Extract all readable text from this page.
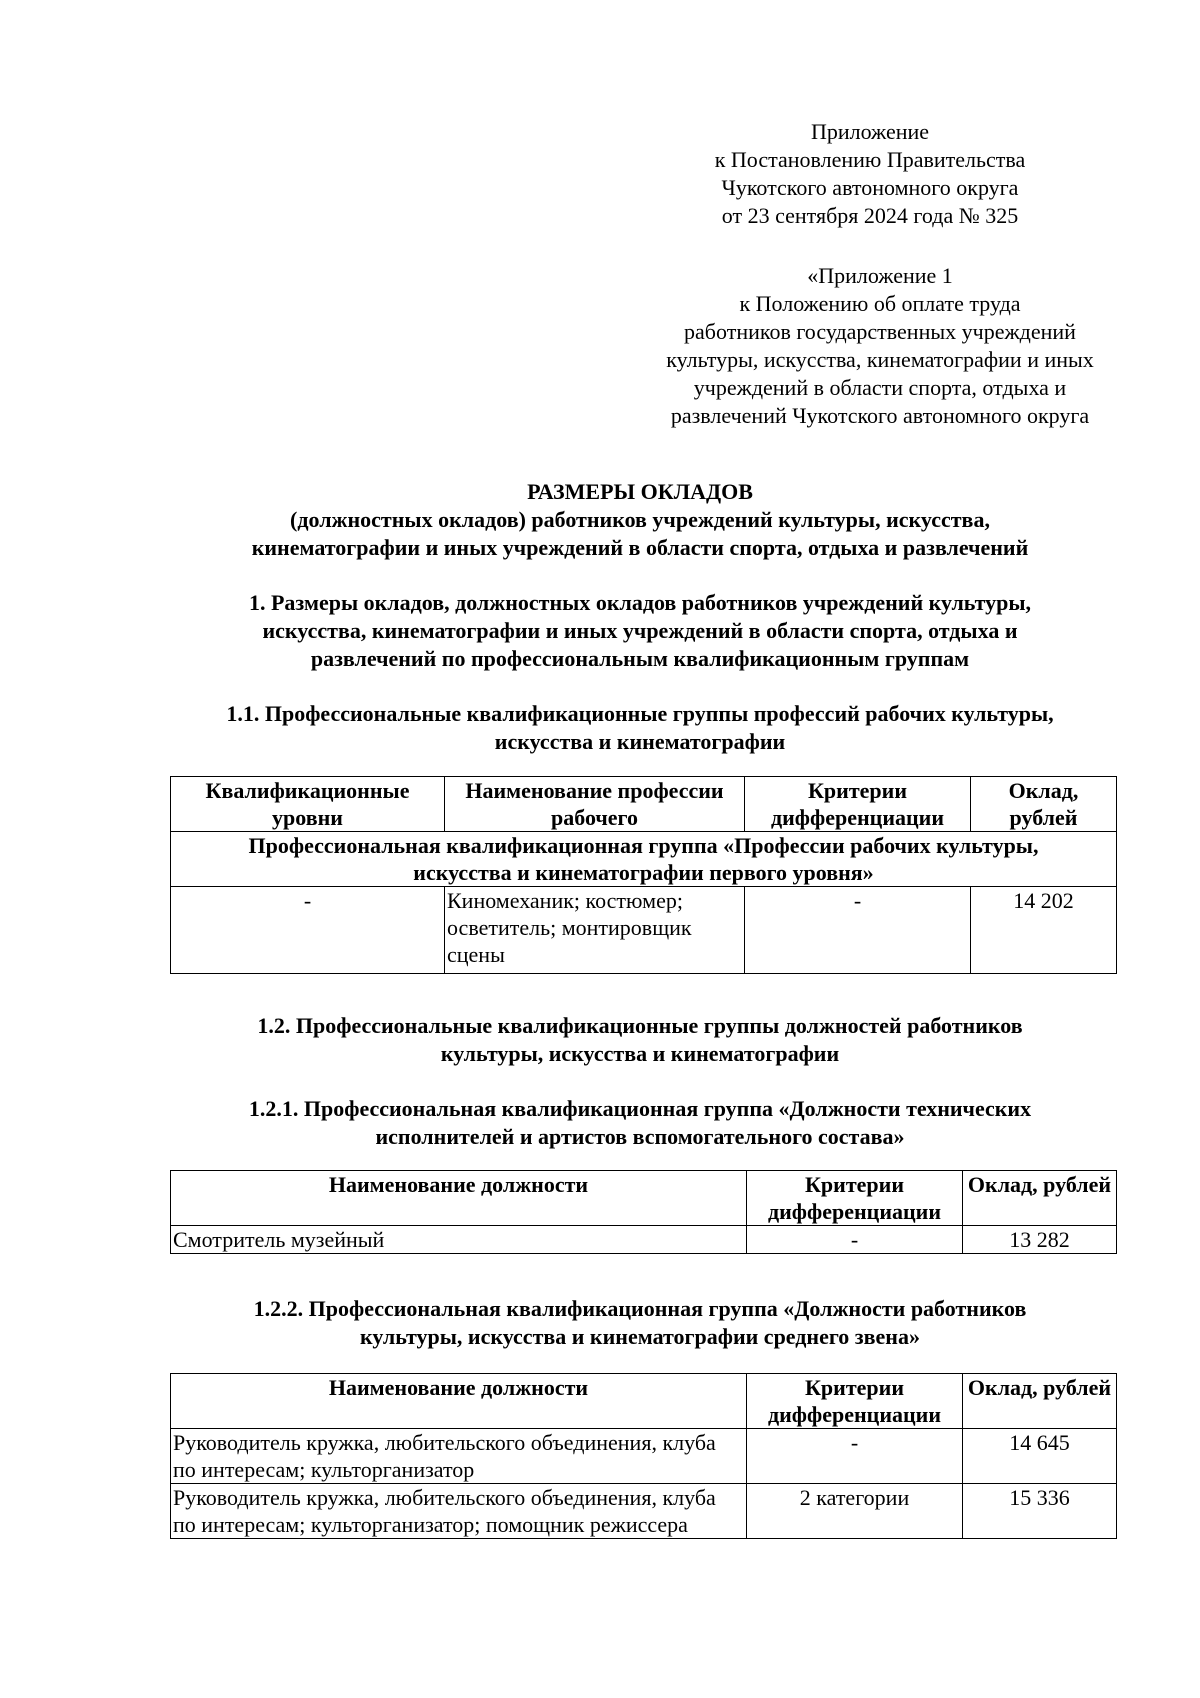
Приложение
к Постановлению Правительства
Чукотского автономного округа
от 23 сентября 2024 года № 325
«Приложение 1
к Положению об оплате труда
работников государственных учреждений
культуры, искусства, кинематографии и иных
учреждений в области спорта, отдыха и
развлечений Чукотского автономного округа
РАЗМЕРЫ ОКЛАДОВ
(должностных окладов) работников учреждений культуры, искусства,
кинематографии и иных учреждений в области спорта, отдыха и развлечений
1. Размеры окладов, должностных окладов работников учреждений культуры,
искусства, кинематографии и иных учреждений в области спорта, отдыха и
развлечений по профессиональным квалификационным группам
1.1. Профессиональные квалификационные группы профессий рабочих культуры,
искусства и кинематографии
Квалификационные уровни	Наименование профессии рабочего	Критерии дифференциации	Оклад, рублей
Профессиональная квалификационная группа «Профессии рабочих культуры, искусства и кинематографии первого уровня»			
-	Киномеханик; костюмер; осветитель; монтировщик сцены	-	14 202
1.2. Профессиональные квалификационные группы должностей работников
культуры, искусства и кинематографии
1.2.1. Профессиональная квалификационная группа «Должности технических
исполнителей и артистов вспомогательного состава»
Наименование должности	Критерии дифференциации	Оклад, рублей
Смотритель музейный	-	13 282
1.2.2. Профессиональная квалификационная группа «Должности работников
культуры, искусства и кинематографии среднего звена»
Наименование должности	Критерии дифференциации	Оклад, рублей
Руководитель кружка, любительского объединения, клуба по интересам; культорганизатор	-	14 645
Руководитель кружка, любительского объединения, клуба по интересам; культорганизатор; помощник режиссера	2 категории	15 336
